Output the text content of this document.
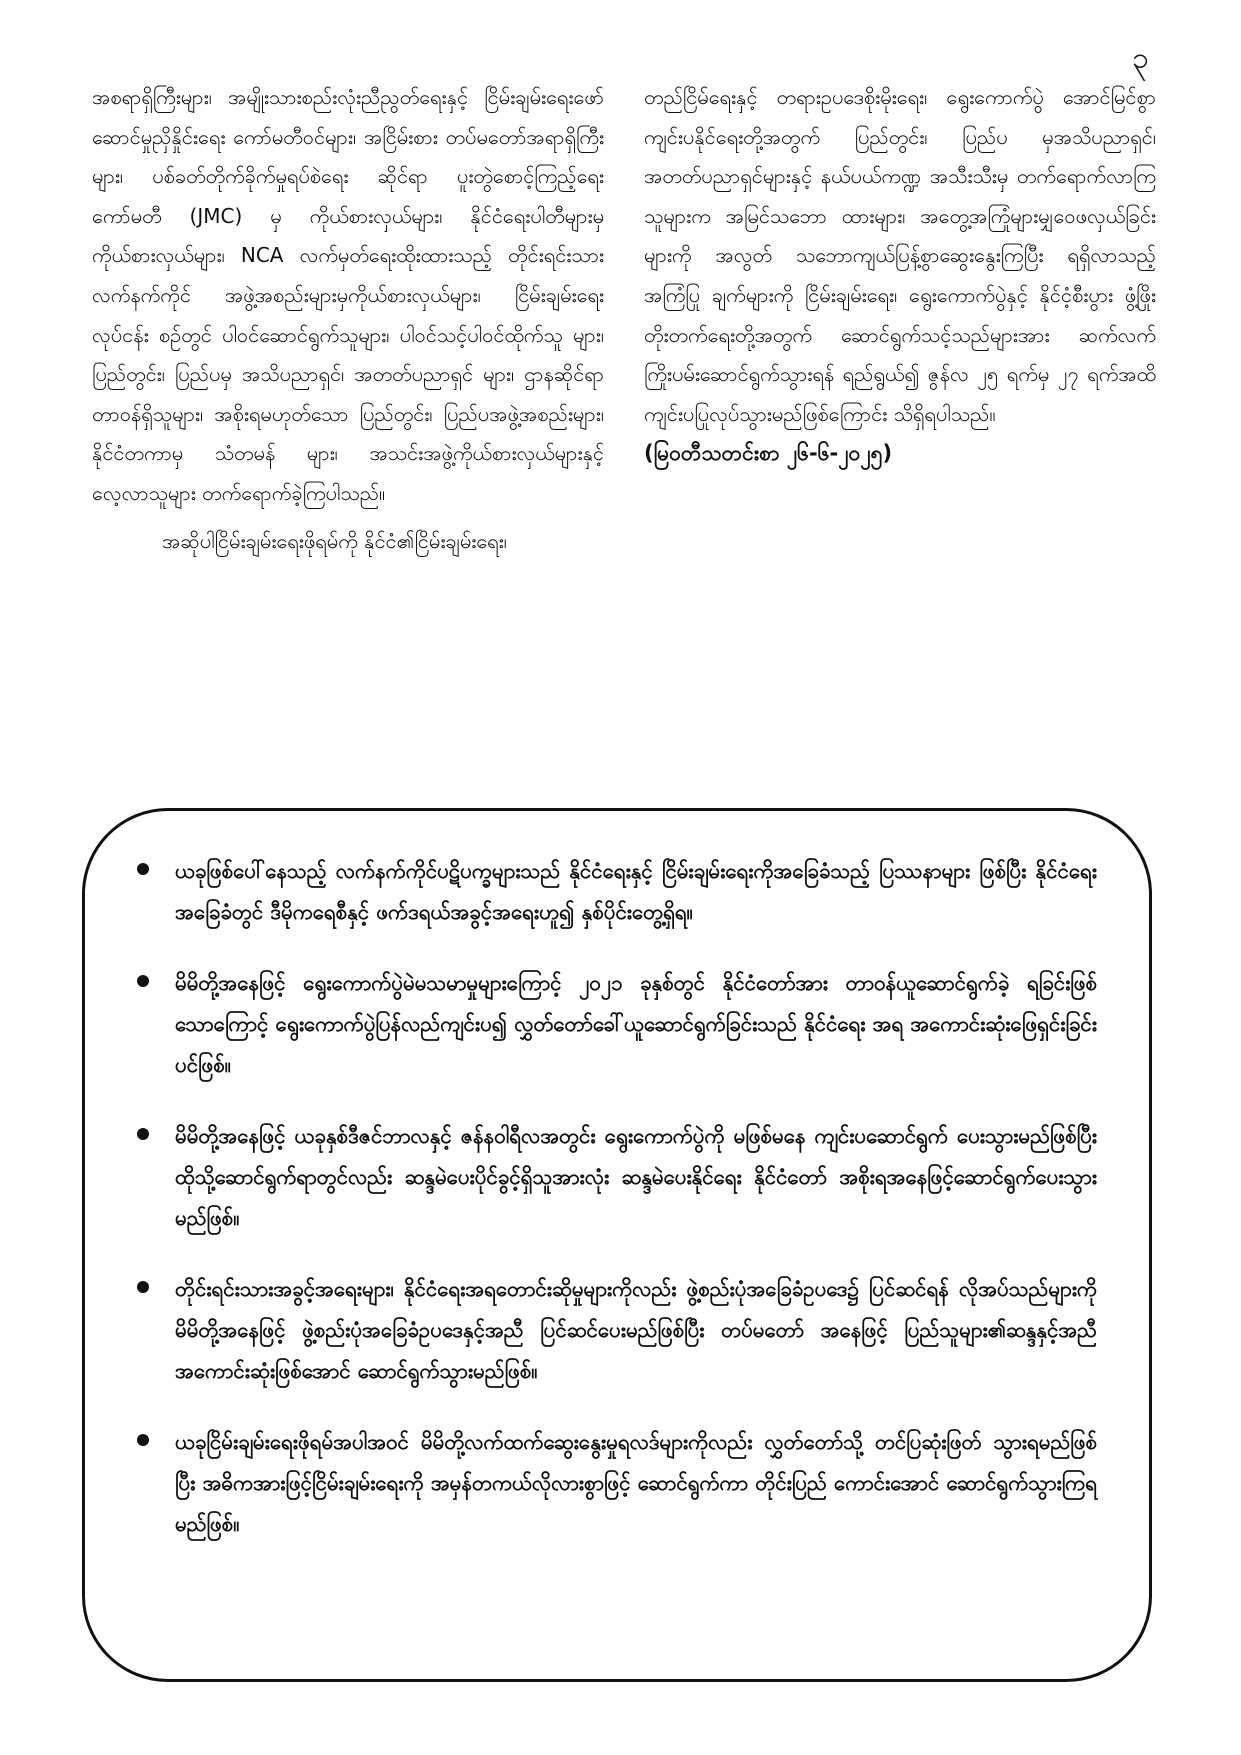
၃

အစရာရှိကြီးများ၊ အမျိုးသားစည်းလုံးညီညွတ်ရေးနှင့် ငြိမ်းချမ်းရေးဖော်ဆောင်မှုညှိနှိုင်းရေး ကော်မတီဝင်များ၊ အငြိမ်းစား တပ်မတော်အရာရှိကြီးများ၊ ပစ်ခတ်တိုက်ခိုက်မှုရပ်စဲရေး ဆိုင်ရာ ပူးတွဲစောင့်ကြည့်ရေးကော်မတီ (JMC) မှ ကိုယ်စားလှယ်များ၊ နိုင်ငံရေးပါတီများမှ ကိုယ်စားလှယ်များ၊ NCA လက်မှတ်ရေးထိုးထားသည့် တိုင်းရင်းသားလက်နက်ကိုင် အဖွဲ့အစည်းများမှကိုယ်စားလှယ်များ၊ ငြိမ်းချမ်းရေးလုပ်ငန်း စဉ်တွင် ပါဝင်ဆောင်ရွက်သူများ၊ ပါဝင်သင့်ပါဝင်ထိုက်သူ များ၊ ပြည်တွင်း၊ ပြည်ပမှ အသိပညာရှင်၊ အတတ်ပညာရှင် များ၊ ဌာနဆိုင်ရာတာဝန်ရှိသူများ၊ အစိုးရမဟုတ်သော ပြည်တွင်း၊ ပြည်ပအဖွဲ့အစည်းများ၊ နိုင်ငံတကာမှ သံတမန် များ၊ အသင်းအဖွဲ့ကိုယ်စားလှယ်များနှင့် လေ့လာသူများ တက်ရောက်ခဲ့ကြပါသည်။

အဆိုပါငြိမ်းချမ်းရေးဖိုရမ်ကို နိုင်ငံ၏ငြိမ်းချမ်းရေး၊

တည်ငြိမ်ရေးနှင့် တရားဥပဒေစိုးမိုးရေး၊ ရွေးကောက်ပွဲ အောင်မြင်စွာ ကျင်းပနိုင်ရေးတို့အတွက် ပြည်တွင်း၊ ပြည်ပ မှအသိပညာရှင်၊ အတတ်ပညာရှင်များနှင့် နယ်ပယ်ကဏ္ဍ အသီးသီးမှ တက်ရောက်လာကြသူများက အမြင်သဘော ထားများ၊ အတွေ့အကြုံများမျှဝေဖလှယ်ခြင်းများကို အလွတ် သဘောကျယ်ပြန့်စွာဆွေးနွေးကြပြီး ရရှိလာသည့် အကြံပြု ချက်များကို ငြိမ်းချမ်းရေး၊ ရွေးကောက်ပွဲနှင့် နိုင်ငံ့စီးပွား ဖွံ့ဖြိုးတိုးတက်ရေးတို့အတွက် ဆောင်ရွက်သင့်သည်များအား ဆက်လက်ကြိုးပမ်းဆောင်ရွက်သွားရန် ရည်ရွယ်၍ ဇွန်လ ၂၅ ရက်မှ ၂၇ ရက်အထိ ကျင်းပပြုလုပ်သွားမည်ဖြစ်ကြောင်း သိရှိရပါသည်။

(မြဝတီသတင်းစာ ၂၆-၆-၂၀၂၅)

ယခုဖြစ်ပေါ်နေသည့် လက်နက်ကိုင်ပဋိပက္ခများသည် နိုင်ငံရေးနှင့် ငြိမ်းချမ်းရေးကိုအခြေခံသည့် ပြဿနာများ ဖြစ်ပြီး နိုင်ငံရေးအခြေခံတွင် ဒီမိုကရေစီနှင့် ဖက်ဒရယ်အခွင့်အရေးဟူ၍ နှစ်ပိုင်းတွေ့ရှိရ။
မိမိတို့အနေဖြင့် ရွေးကောက်ပွဲမဲမသမာမှုများကြောင့် ၂၀၂၁ ခုနှစ်တွင် နိုင်ငံတော်အား တာဝန်ယူဆောင်ရွက်ခဲ့ ရခြင်းဖြစ်သောကြောင့် ရွေးကောက်ပွဲပြန်လည်ကျင်းပ၍ လွှတ်တော်ခေါ်ယူဆောင်ရွက်ခြင်းသည် နိုင်ငံရေး အရ အကောင်းဆုံးဖြေရှင်းခြင်းပင်ဖြစ်။
မိမိတို့အနေဖြင့် ယခုနှစ်ဒီဇင်ဘာလနှင့် ဇန်နဝါရီလအတွင်း ရွေးကောက်ပွဲကို မဖြစ်မနေ ကျင်းပဆောင်ရွက် ပေးသွားမည်ဖြစ်ပြီး ထိုသို့ဆောင်ရွက်ရာတွင်လည်း ဆန္ဒမဲပေးပိုင်ခွင့်ရှိသူအားလုံး ဆန္ဒမဲပေးနိုင်ရေး နိုင်ငံတော် အစိုးရအနေဖြင့်ဆောင်ရွက်ပေးသွားမည်ဖြစ်။
တိုင်းရင်းသားအခွင့်အရေးများ၊ နိုင်ငံရေးအရတောင်းဆိုမှုများကိုလည်း ဖွဲ့စည်းပုံအခြေခံဥပဒေ၌ ပြင်ဆင်ရန် လိုအပ်သည်များကို မိမိတို့အနေဖြင့် ဖွဲ့စည်းပုံအခြေခံဥပဒေနှင့်အညီ ပြင်ဆင်ပေးမည်ဖြစ်ပြီး တပ်မတော် အနေဖြင့် ပြည်သူများ၏ဆန္ဒနှင့်အညီ အကောင်းဆုံးဖြစ်အောင် ဆောင်ရွက်သွားမည်ဖြစ်။
ယခုငြိမ်းချမ်းရေးဖိုရမ်အပါအဝင် မိမိတို့လက်ထက်ဆွေးနွေးမှုရလဒ်များကိုလည်း လွှတ်တော်သို့ တင်ပြဆုံးဖြတ် သွားရမည်ဖြစ်ပြီး အဓိကအားဖြင့်ငြိမ်းချမ်းရေးကို အမှန်တကယ်လိုလားစွာဖြင့် ဆောင်ရွက်ကာ တိုင်းပြည် ကောင်းအောင် ဆောင်ရွက်သွားကြရမည်ဖြစ်။
